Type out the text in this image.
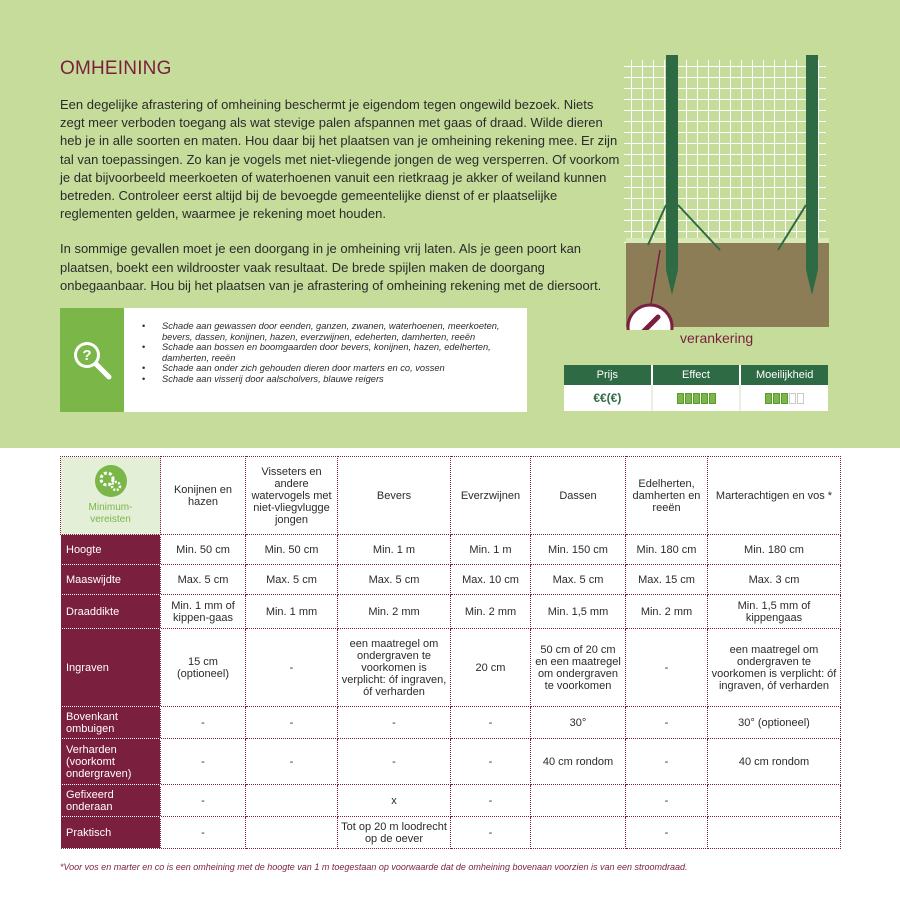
OMHEINING

Een degelijke afrastering of omheining beschermt je eigendom tegen ongewild bezoek. Niets zegt meer verboden toegang als wat stevige palen afspannen met gaas of draad. Wilde dieren heb je in alle soorten en maten. Hou daar bij het plaatsen van je omheining rekening mee. Er zijn tal van toepassingen. Zo kan je vogels met niet-vliegende jongen de weg versperren. Of voorkom je dat bijvoorbeeld meerkoeten of waterhoenen vanuit een rietkraag je akker of weiland kunnen betreden. Controleer eerst altijd bij de bevoegde gemeentelijke dienst of er plaatselijke reglementen gelden, waarmee je rekening moet houden.

In sommige gevallen moet je een doorgang in je omheining vrij laten. Als je geen poort kan plaatsen, boekt een wildrooster vaak resultaat. De brede spijlen maken de doorgang onbegaanbaar. Hou bij het plaatsen van je afrastering of omheining rekening met de diersoort.

?
• Schade aan gewassen door eenden, ganzen, zwanen, waterhoenen, meerkoeten, bevers, dassen, konijnen, hazen, everzwijnen, edeherten, damherten, reeën
• Schade aan bossen en boomgaarden door bevers, konijnen, hazen, edelherten, damherten, reeën
• Schade aan onder zich gehouden dieren door marters en co, vossen
• Schade aan visserij door aalscholvers, blauwe reigers
verankering
Prijs	Effect	Moeilijkheid
€€(€)
Minimum-
vereisten	Konijnen en hazen	Visseters en andere watervogels met niet-vliegvlugge jongen	Bevers	Everzwijnen	Dassen	Edelherten, damherten en reeën	Marterachtigen en vos *
Hoogte	Min. 50 cm	Min. 50 cm	Min. 1 m	Min. 1 m	Min. 150 cm	Min. 180 cm	Min. 180 cm
Maaswijdte	Max. 5 cm	Max. 5 cm	Max. 5 cm	Max. 10 cm	Max. 5 cm	Max. 15 cm	Max. 3 cm
Draaddikte	Min. 1 mm of kippen-gaas	Min. 1 mm	Min. 2 mm	Min. 2 mm	Min. 1,5 mm	Min. 2 mm	Min. 1,5 mm of kippengaas
Ingraven	15 cm (optioneel)	-	een maatregel om ondergraven te voorkomen is verplicht: óf ingraven, óf verharden	20 cm	50 cm of 20 cm en een maatregel om ondergraven te voorkomen	-	een maatregel om ondergraven te voorkomen is verplicht: óf ingraven, óf verharden
Bovenkant ombuigen	-	-	-	-	30°	-	30° (optioneel)
Verharden (voorkomt ondergraven)	-	-	-	-	40 cm rondom	-	40 cm rondom
Gefixeerd onderaan	-		x	-		-	
Praktisch	-		Tot op 20 m loodrecht op de oever	-		-	
*Voor vos en marter en co is een omheining met de hoogte van 1 m toegestaan op voorwaarde dat de omheining bovenaan voorzien is van een stroomdraad.
